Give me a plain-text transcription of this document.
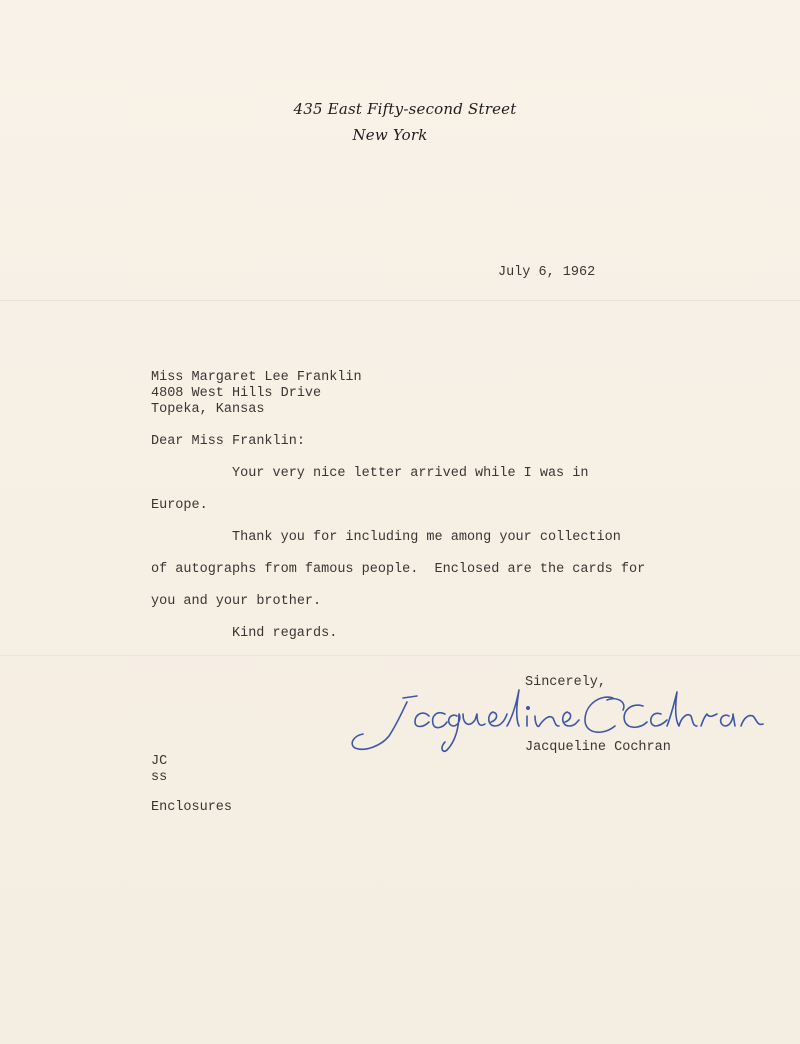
435 East Fifty-second Street
New York
July 6, 1962
Miss Margaret Lee Franklin
4808 West Hills Drive
Topeka, Kansas
Dear Miss Franklin:
Your very nice letter arrived while I was in
Europe.
Thank you for including me among your collection
of autographs from famous people.  Enclosed are the cards for
you and your brother.
Kind regards.
Sincerely,
Jacqueline Cochran
JC
ss
Enclosures
